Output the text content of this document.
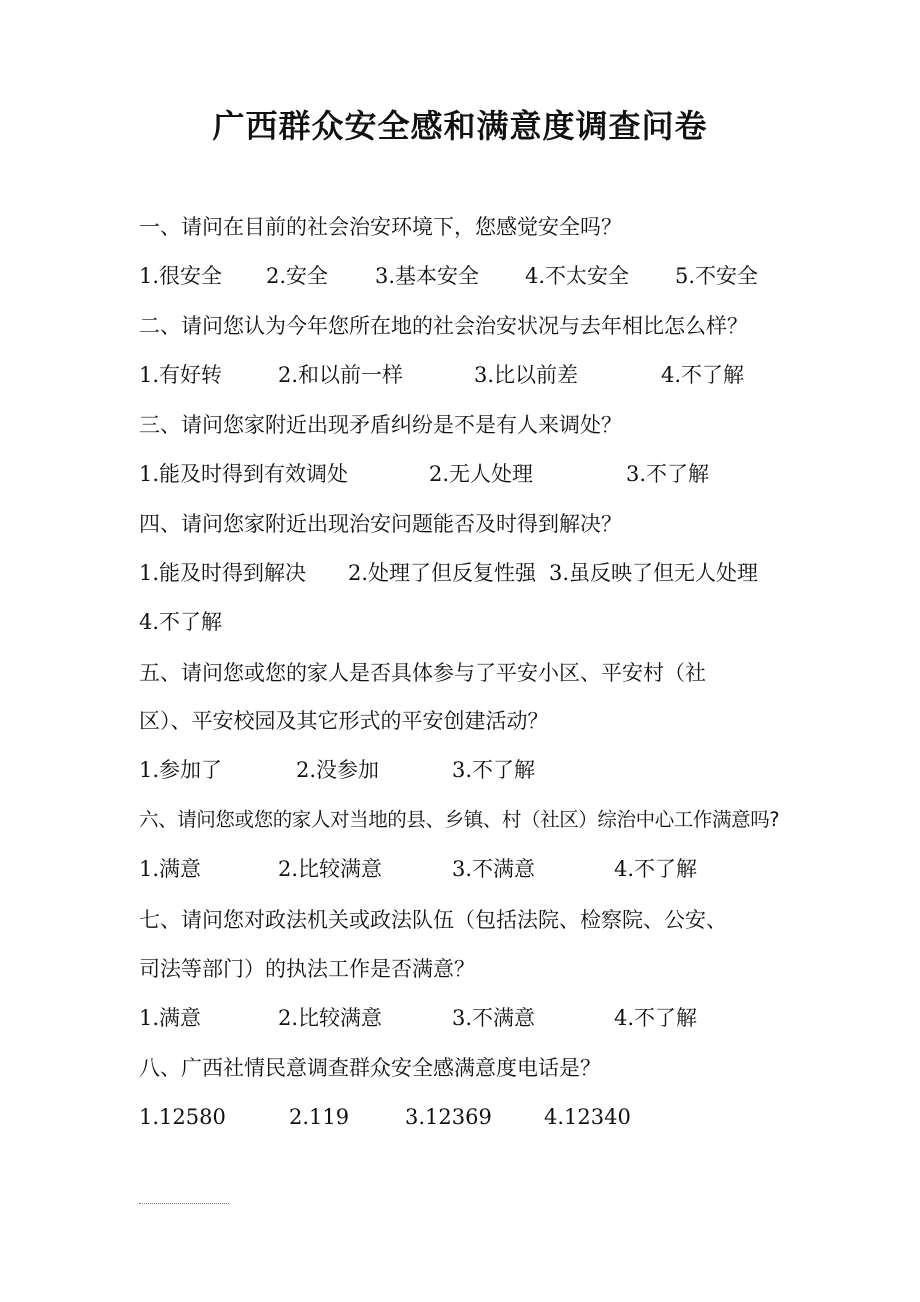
广西群众安全感和满意度调查问卷
一、请问在目前的社会治安环境下，您感觉安全吗？
1.很安全 2.安全 3.基本安全 4.不太安全 5.不安全
二、请问您认为今年您所在地的社会治安状况与去年相比怎么样？
1.有好转	2.和以前一样	3.比以前差	4.不了解
三、请问您家附近出现矛盾纠纷是不是有人来调处？
1.能及时得到有效调处	2.无人处理	3.不了解
四、请问您家附近出现治安问题能否及时得到解决？
1.能及时得到解决 2.处理了但反复性强 3.虽反映了但无人处理
4.不了解
五、请问您或您的家人是否具体参与了平安小区、平安村（社
区）、平安校园及其它形式的平安创建活动？
1.参加了	2.没参加	3.不了解
六、请问您或您的家人对当地的县、乡镇、村（社区）综治中心工作满意吗?
1.满意	2.比较满意	3.不满意	4.不了解
七、请问您对政法机关或政法队伍（包括法院、检察院、公安、
司法等部门）的执法工作是否满意？
1.满意	2.比较满意	3.不满意	4.不了解
八、广西社情民意调查群众安全感满意度电话是？
1.12580	2.119	3.12369 4.12340
